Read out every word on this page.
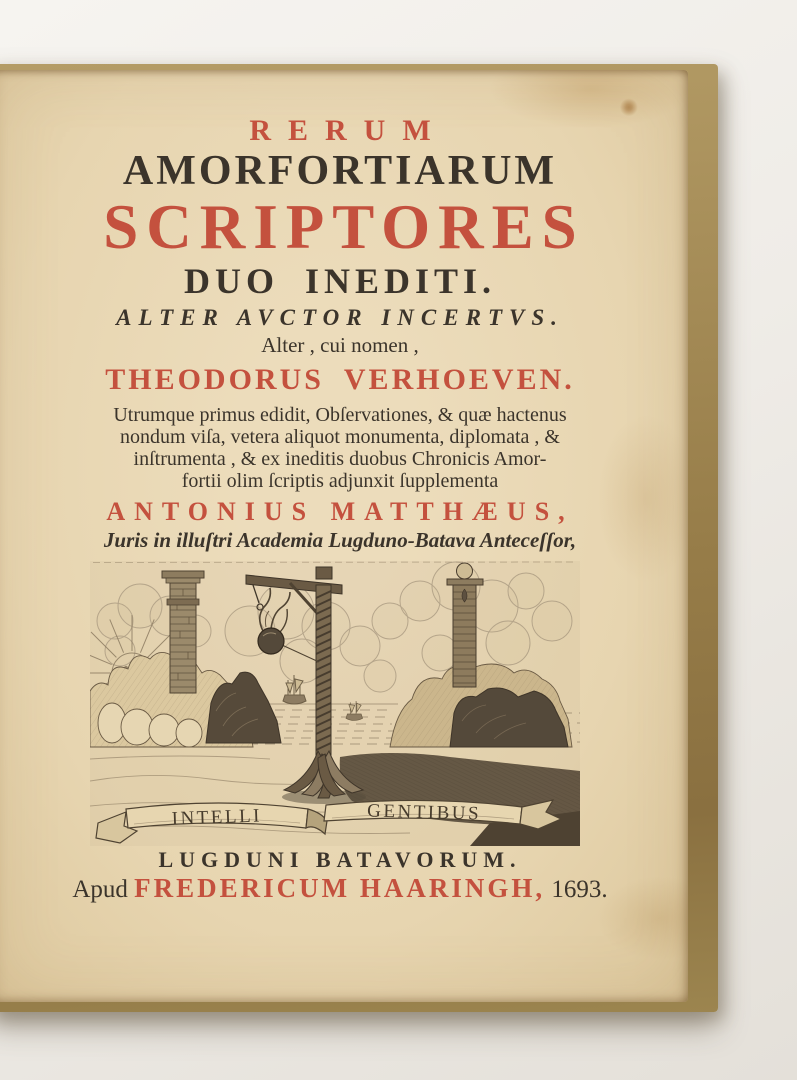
RERUM
AMORFORTIARUM
SCRIPTORES
DUO INEDITI.
ALTER AVCTOR INCERTVS.
Alter , cui nomen ,
THEODORUS VERHOEVEN.
Utrumque primus edidit, Obſervationes, & quæ hactenus
nondum viſa, vetera aliquot monumenta, diplomata , &
inſtrumenta , & ex ineditis duobus Chronicis Amor-
fortii olim ſcriptis adjunxit ſupplementa
ANTONIUS MATTHÆUS,
Juris in illuſtri Academia Lugduno-Batava Anteceſſor,
INTELLI	GENTIBUS
LUGDUNI BATAVORUM.
Apud FREDERICUM HAARINGH, 1693.
